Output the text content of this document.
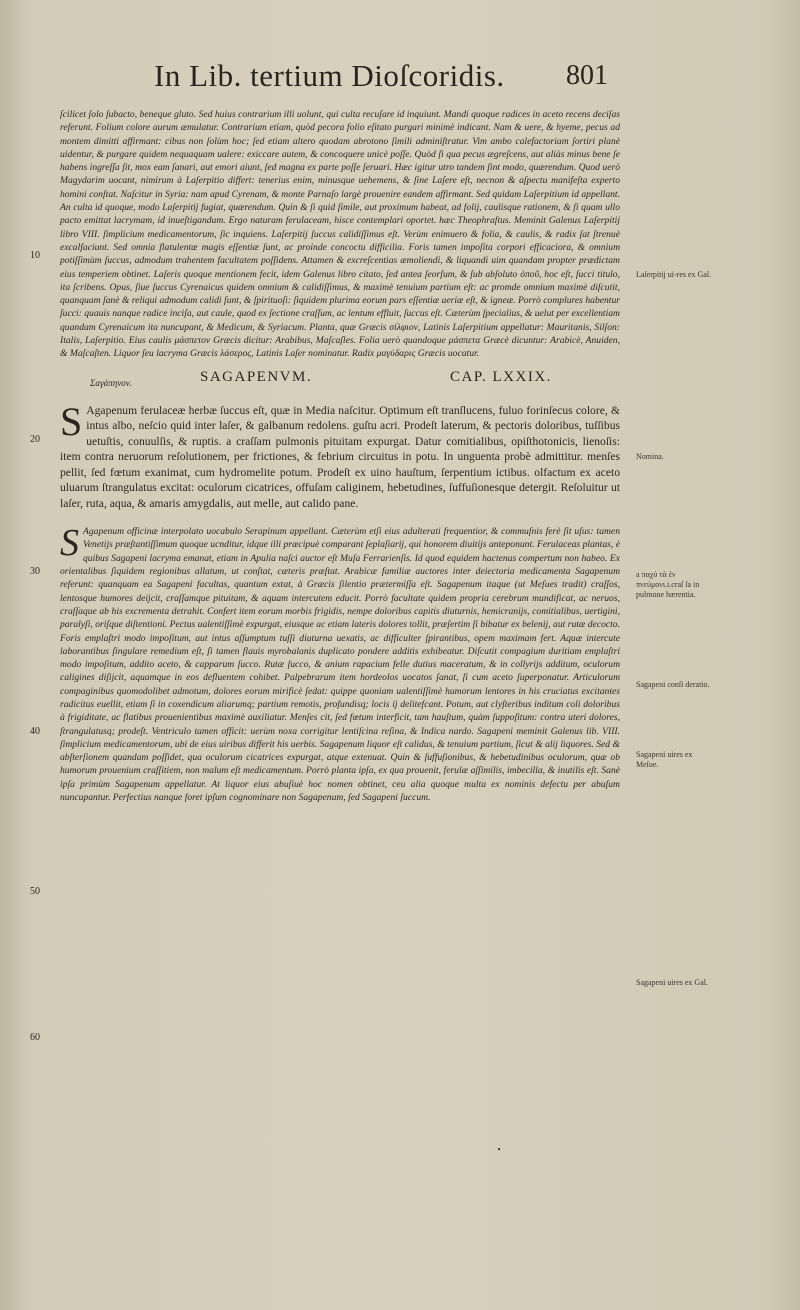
In Lib. tertium Dioſcoridis. 801
10
20
30
40
50
60
Laſerpitij ui-res ex Gal.
Nomina.
a παχύ τὰ ἐν πνεύμονι.i.craſ ſa in pulmone hærentia.
Sagapeni conſi deratio.
Sagapeni uires ex Meſue.
Sagapeni uires ex Gal.

ſcilicet ſolo ſubacto, beneque gluto. Sed huius contrarium illi uolunt, qui culta recuſare id inquiunt. Mandi quoque radices in aceto recens deciſas referunt. Folium colore aurum æmulatur. Contrarium etiam, quòd pecora folio eſitato purgari minimè indicant. Nam & uere, & hyeme, pecus ad montem dimitti affirmant: cibus non ſolùm hoc; ſed etiam altero quodam abrotono ſimili adminiſtratur. Vim ambo calefactoriam ſortiri planè uidentur, & purgare quidem nequaquam ualere: exiccare autem, & concoquere unicè poſſe. Quòd ſi qua pecus ægreſcens, aut aliàs minus bene ſe habens ingreſſa ſit, mox eam ſanari, aut emori aiunt, ſed magna ex parte poſſe ſeruari. Hæc igitur utro tandem ſint modo, quærendum. Quod uerò Magydarim uocant, nimirum à Laſerpitio differt: tenerius enim, minusque uehemens, & ſine Laſere eſt, necnon & aſpectu manifeſta experto homini conſtat. Naſcitur in Syria: nam apud Cyrenam, & monte Parnaſo largè prouenire eandem affirmant. Sed quidam Laſerpitium id appellant. An culta id quoque, modo Laſerpitij fugiat, quærendum. Quin & ſi quid ſimile, aut proximum habeat, ad folij, caulisque rationem, & ſi quam ullo pacto emittat lacrymam, id inueſtigandum. Ergo naturam ferulaceam, hisce contemplari oportet. hæc Theophraſtus. Meminit Galenus Laſerpitij libro VIII. ſimplicium medicamentorum, ſic inquiens. Laſerpitij ſuccus calidiſſimus eſt. Verùm enimuero & folia, & caulis, & radix ſat ſtrenuè excalfaciunt. Sed omnia flatulentæ magis eſſentiæ ſunt, ac proinde concoctu difficilia. Foris tamen impoſita corpori efficaciora, & omnium potiſſimùm ſuccus, admodum trahentem facultatem poſſidens. Attamen & excreſcentias æmoliendi, & liquandi uim quandam propter prædictam eius temperiem obtinet. Laſeris quoque mentionem fecit, idem Galenus libro citato, ſed antea ſeorſum, & ſub abſoluto ὀποῦ, hoc eſt, ſucci titulo, ita ſcribens. Opus, ſiue ſuccus Cyrenaicus quidem omnium & calidiſſimus, & maximè tenuium partium eſt: ac promde omnium maximè diſcutit, quanquam ſanè & reliqui admodum calidi ſunt, & ſpirituoſi: ſiquidem plurima eorum pars eſſentiæ aeriæ eſt, & igneæ. Porrò complures habentur ſucci: quauis nanque radice inciſa, aut caule, quod ex ſectione craſſum, ac lentum effluit, ſuccus eſt. Cæterùm ſpecialius, & uelut per excellentiam quandam Cyrenaicum ita nuncupant, & Medicum, & Syriacum. Planta, quæ Græcis σίλφιον, Latinis Laſerpitium appellatur: Mauritanis, Silſon: Italis, Laſerpitio. Eius caulis μάσπετον Græcis dicitur: Arabibus, Maſcaſles. Folia uerò quandoque μάσπετα Græcè dicuntur: Arabicè, Anuiden, & Maſcaſten. Liquor ſeu lacryma Græcis λάσερος, Latinis Laſer nominatur. Radix μαγύδαρις Græcis uocatur.

Σαγάπηνον.	SAGAPENVM.	CAP. LXXIX.

S Agapenum ferulaceæ herbæ ſuccus eſt, quæ in Media naſcitur. Optimum eſt tranſlucens, fuluo forinſecus colore, & intus albo, neſcio quid inter laſer, & galbanum redolens. guſtu acri. Prodeſt laterum, & pectoris doloribus, tuſſibus uetuſtis, conuulſis, & ruptis. a craſſam pulmonis pituitam expurgat. Datur comitialibus, opiſthotonicis, lienoſis: item contra neruorum reſolutionem, per frictiones, & febrium circuitus in potu. In unguenta probè admittitur. menſes pellit, ſed fœtum exanimat, cum hydromelite potum. Prodeſt ex uino hauſtum, ſerpentium ictibus. olfactum ex aceto uluarum ſtrangulatus excitat: oculorum cicatrices, offuſam caliginem, hebetudines, ſuffuſionesque detergit. Reſoluitur ut laſer, ruta, aqua, & amaris amygdalis, aut melle, aut calido pane.

S Agapenum officinæ interpolato uocabulo Serapinum appellant. Cæterùm etſi eius adulterati frequentior, & commuſnis ferè ſit uſus: tamen Venetijs præſtantiſſimum quoque ucnditur, idque illi præcipuè comparant ſeplaſiarij, qui honorem diuitijs anteponunt. Ferulaceas plantas, è quibus Sagapeni lacryma emanat, etiam in Apulia naſci auctor eſt Muſa Ferrarienſis. Id quod equidem hactenus compertum non habeo. Ex orientalibus ſiquidem regionibus allatum, ut conſtat, cæteris præſtat. Arabicæ familiæ auctores inter deiectoria medicamenta Sagapenum referunt: quanquam ea Sagapeni facultas, quantum extat, à Græcis ſilentio prætermiſſa eſt. Sagapenum itaque (ut Meſues tradit) craſſos, lentosque humores deijcit, craſſamque pituitam, & aquam intercutem educit. Porrò facultate quidem propria cerebrum mundificat, ac neruos, craſſaque ab his excrementa detrahit. Confert item eorum morbis frigidis, nempe doloribus capitis diuturnis, hemicranijs, comitialibus, uertigini, paralyſi, oriſque diſtentioni. Pectus ualentiſſimè expurgat, eiusque ac etiam lateris dolores tollit, præſertim ſi bibatur ex belenij, aut rutæ decocto. Foris emplaſtri modo impoſitum, aut intus aſſumptum tuſſi diuturna uexatis, ac difficulter ſpirantibus, opem maximam fert. Aquæ intercute laborantibus ſingulare remedium eſt, ſi tamen flauis myrobalanis duplicato pondere additis exhibeatur. Diſcutit compagium duritiam emplaſtri modo impoſitum, addito aceto, & capparum ſucco. Rutæ ſucco, & anium rapacium felle dutius maceratum, & in collyrijs additum, oculorum caligines diſijcit, aquamque in eos defluentem cohibet. Palpebrarum item hordeolos uocatos ſanat, ſi cum aceto ſuperponatur. Articulorum compaginibus quomodolibet admotum, dolores eorum mirificè ſedat: quippe quoniam ualentiſſimè humorum lentores in his cruciatus excitantes radicitus euellit, etiam ſi in coxendicum aliarumq; partium remotis, profundisq; locis ij delitefcant. Potum, aut clyſteribus inditum coli doloribus à frigiditate, ac flatibus prouenientibus maximè auxiliatur. Menſes cit, ſed fœtum interficit, tam hauſtum, quàm ſuppoſitum: contra uteri dolores, ſtrangulatusq; prodeſt. Ventriculo tamen officit: uerùm noxa corrigitur lentiſcina reſina, & Indica nardo. Sagapeni meminit Galenus lib. VIII. ſimplicium medicamentorum, ubi de eius uiribus differit his uerbis. Sagapenum liquor eſt calidus, & tenuium partium, ſicut & alij liquores. Sed & abſterſionem quandam poſſidet, qua oculorum cicatrices expurgat, atque extenuat. Quin & ſuffuſionibus, & hebetudinibus oculorum, quæ ob humorum prouenium craſſitiem, non malum eſt medicamentum. Porrò planta ipſa, ex qua prouenit, ferulæ aſſimilis, imbecilla, & inutilis eſt. Sanè ipſa primùm Sagapenum appellatur. At liquor eius abuſiuè hoc nomen obtinet, ceu alia quoque multa ex nominis defectu per abuſum nuncupantur. Perfectius nanque foret ipſum cognominare non Sagapenum, ſed Sagapeni ſuccum.

•
